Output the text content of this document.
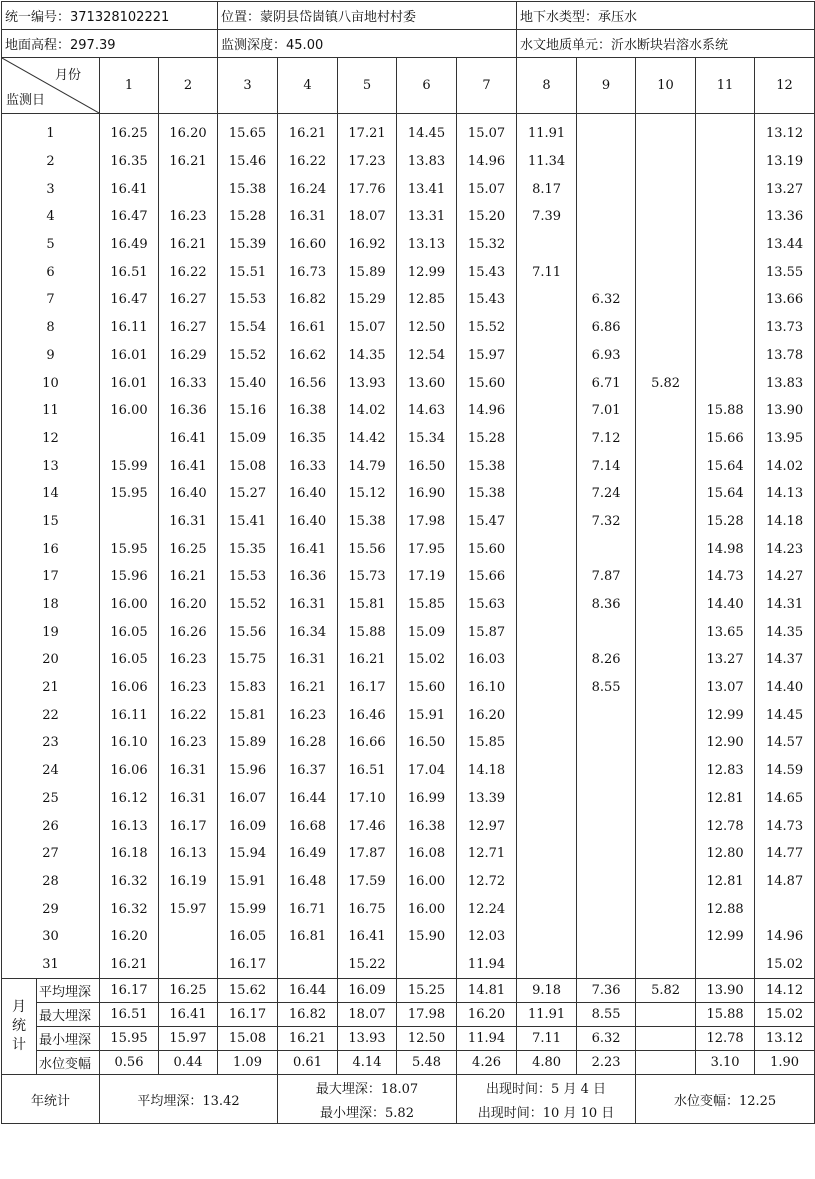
统一编号：371328102221				位置：蒙阴县岱崮镇八亩地村村委					地下水类型：承压水				
地面高程：297.39				监测深度：45.00					水文地质单元：沂水断块岩溶水系统				

月份
监测日		1	2	3	4	5	6	7	8	9	10	11	12
1		16.25	16.20	15.65	16.21	17.21	14.45	15.07	11.91				13.12
2		16.35	16.21	15.46	16.22	17.23	13.83	14.96	11.34				13.19
3		16.41		15.38	16.24	17.76	13.41	15.07	8.17				13.27
4		16.47	16.23	15.28	16.31	18.07	13.31	15.20	7.39				13.36
5		16.49	16.21	15.39	16.60	16.92	13.13	15.32					13.44
6		16.51	16.22	15.51	16.73	15.89	12.99	15.43	7.11				13.55
7		16.47	16.27	15.53	16.82	15.29	12.85	15.43		6.32			13.66
8		16.11	16.27	15.54	16.61	15.07	12.50	15.52		6.86			13.73
9		16.01	16.29	15.52	16.62	14.35	12.54	15.97		6.93			13.78
10		16.01	16.33	15.40	16.56	13.93	13.60	15.60		6.71	5.82		13.83
11		16.00	16.36	15.16	16.38	14.02	14.63	14.96		7.01		15.88	13.90
12			16.41	15.09	16.35	14.42	15.34	15.28		7.12		15.66	13.95
13		15.99	16.41	15.08	16.33	14.79	16.50	15.38		7.14		15.64	14.02
14		15.95	16.40	15.27	16.40	15.12	16.90	15.38		7.24		15.64	14.13
15			16.31	15.41	16.40	15.38	17.98	15.47		7.32		15.28	14.18
16		15.95	16.25	15.35	16.41	15.56	17.95	15.60				14.98	14.23
17		15.96	16.21	15.53	16.36	15.73	17.19	15.66		7.87		14.73	14.27
18		16.00	16.20	15.52	16.31	15.81	15.85	15.63		8.36		14.40	14.31
19		16.05	16.26	15.56	16.34	15.88	15.09	15.87				13.65	14.35
20		16.05	16.23	15.75	16.31	16.21	15.02	16.03		8.26		13.27	14.37
21		16.06	16.23	15.83	16.21	16.17	15.60	16.10		8.55		13.07	14.40
22		16.11	16.22	15.81	16.23	16.46	15.91	16.20				12.99	14.45
23		16.10	16.23	15.89	16.28	16.66	16.50	15.85				12.90	14.57
24		16.06	16.31	15.96	16.37	16.51	17.04	14.18				12.83	14.59
25		16.12	16.31	16.07	16.44	17.10	16.99	13.39				12.81	14.65
26		16.13	16.17	16.09	16.68	17.46	16.38	12.97				12.78	14.73
27		16.18	16.13	15.94	16.49	17.87	16.08	12.71				12.80	14.77
28		16.32	16.19	15.91	16.48	17.59	16.00	12.72				12.81	14.87
29		16.32	15.97	15.99	16.71	16.75	16.00	12.24				12.88	
30		16.20		16.05	16.81	16.41	15.90	12.03				12.99	14.96
31		16.21		16.17		15.22		11.94					15.02

月
统
计	平均埋深	16.17	16.25	15.62	16.44	16.09	15.25	14.81	9.18	7.36	5.82	13.90	14.12
	最大埋深	16.51	16.41	16.17	16.82	18.07	17.98	16.20	11.91	8.55		15.88	15.02
	最小埋深	15.95	15.97	15.08	16.21	13.93	12.50	11.94	7.11	6.32		12.78	13.12
	水位变幅	0.56	0.44	1.09	0.61	4.14	5.48	4.26	4.80	2.23		3.10	1.90
年统计		平均埋深：13.42			最大埋深：18.07			出现时间：5 月 4 日			水位变幅：12.25		
					最小埋深：5.82			出现时间：10 月 10 日					
